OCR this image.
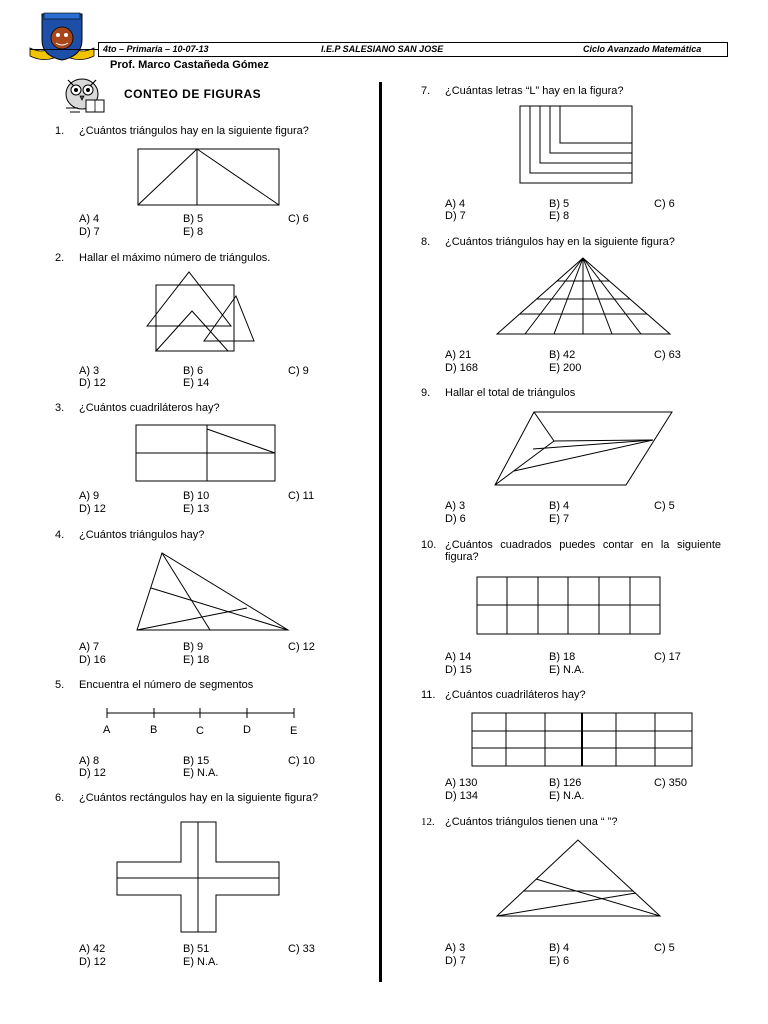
4to – Primaria – 10-07-13	I.E.P SALESIANO SAN JOSE	Ciclo Avanzado Matemática
Prof. Marco Castañeda Gómez
CONTEO DE FIGURAS
1. ¿Cuántos triángulos hay en la siguiente figura?
A) 4	B) 5	C) 6
D) 7	E) 8
2. Hallar el máximo número de triángulos.
A) 3	B) 6	C) 9
D) 12	E) 14
3. ¿Cuántos cuadriláteros hay?
A) 9	B) 10	C) 11
D) 12	E) 13
4. ¿Cuántos triángulos hay?
A) 7	B) 9	C) 12
D) 16	E) 18
5. Encuentra el número de segmentos
A	B	C	D	E
A) 8	B) 15	C) 10
D) 12	E) N.A.
6. ¿Cuántos rectángulos hay en la siguiente figura?
A) 42	B) 51	C) 33
D) 12	E) N.A.
7. ¿Cuántas letras “L” hay en la figura?
A) 4	B) 5	C) 6
D) 7	E) 8
8. ¿Cuántos triángulos hay en la siguiente figura?
A) 21	B) 42	C) 63
D) 168	E) 200
9. Hallar el total de triángulos
A) 3	B) 4	C) 5
D) 6	E) 7
10. ¿Cuántos cuadrados puedes contar en la siguiente figura?
A) 14	B) 18	C) 17
D) 15	E) N.A.
11. ¿Cuántos cuadriláteros hay?
A) 130	B) 126	C) 350
D) 134	E) N.A.
12. ¿Cuántos triángulos tienen una “ ”?
A) 3	B) 4	C) 5
D) 7	E) 6
